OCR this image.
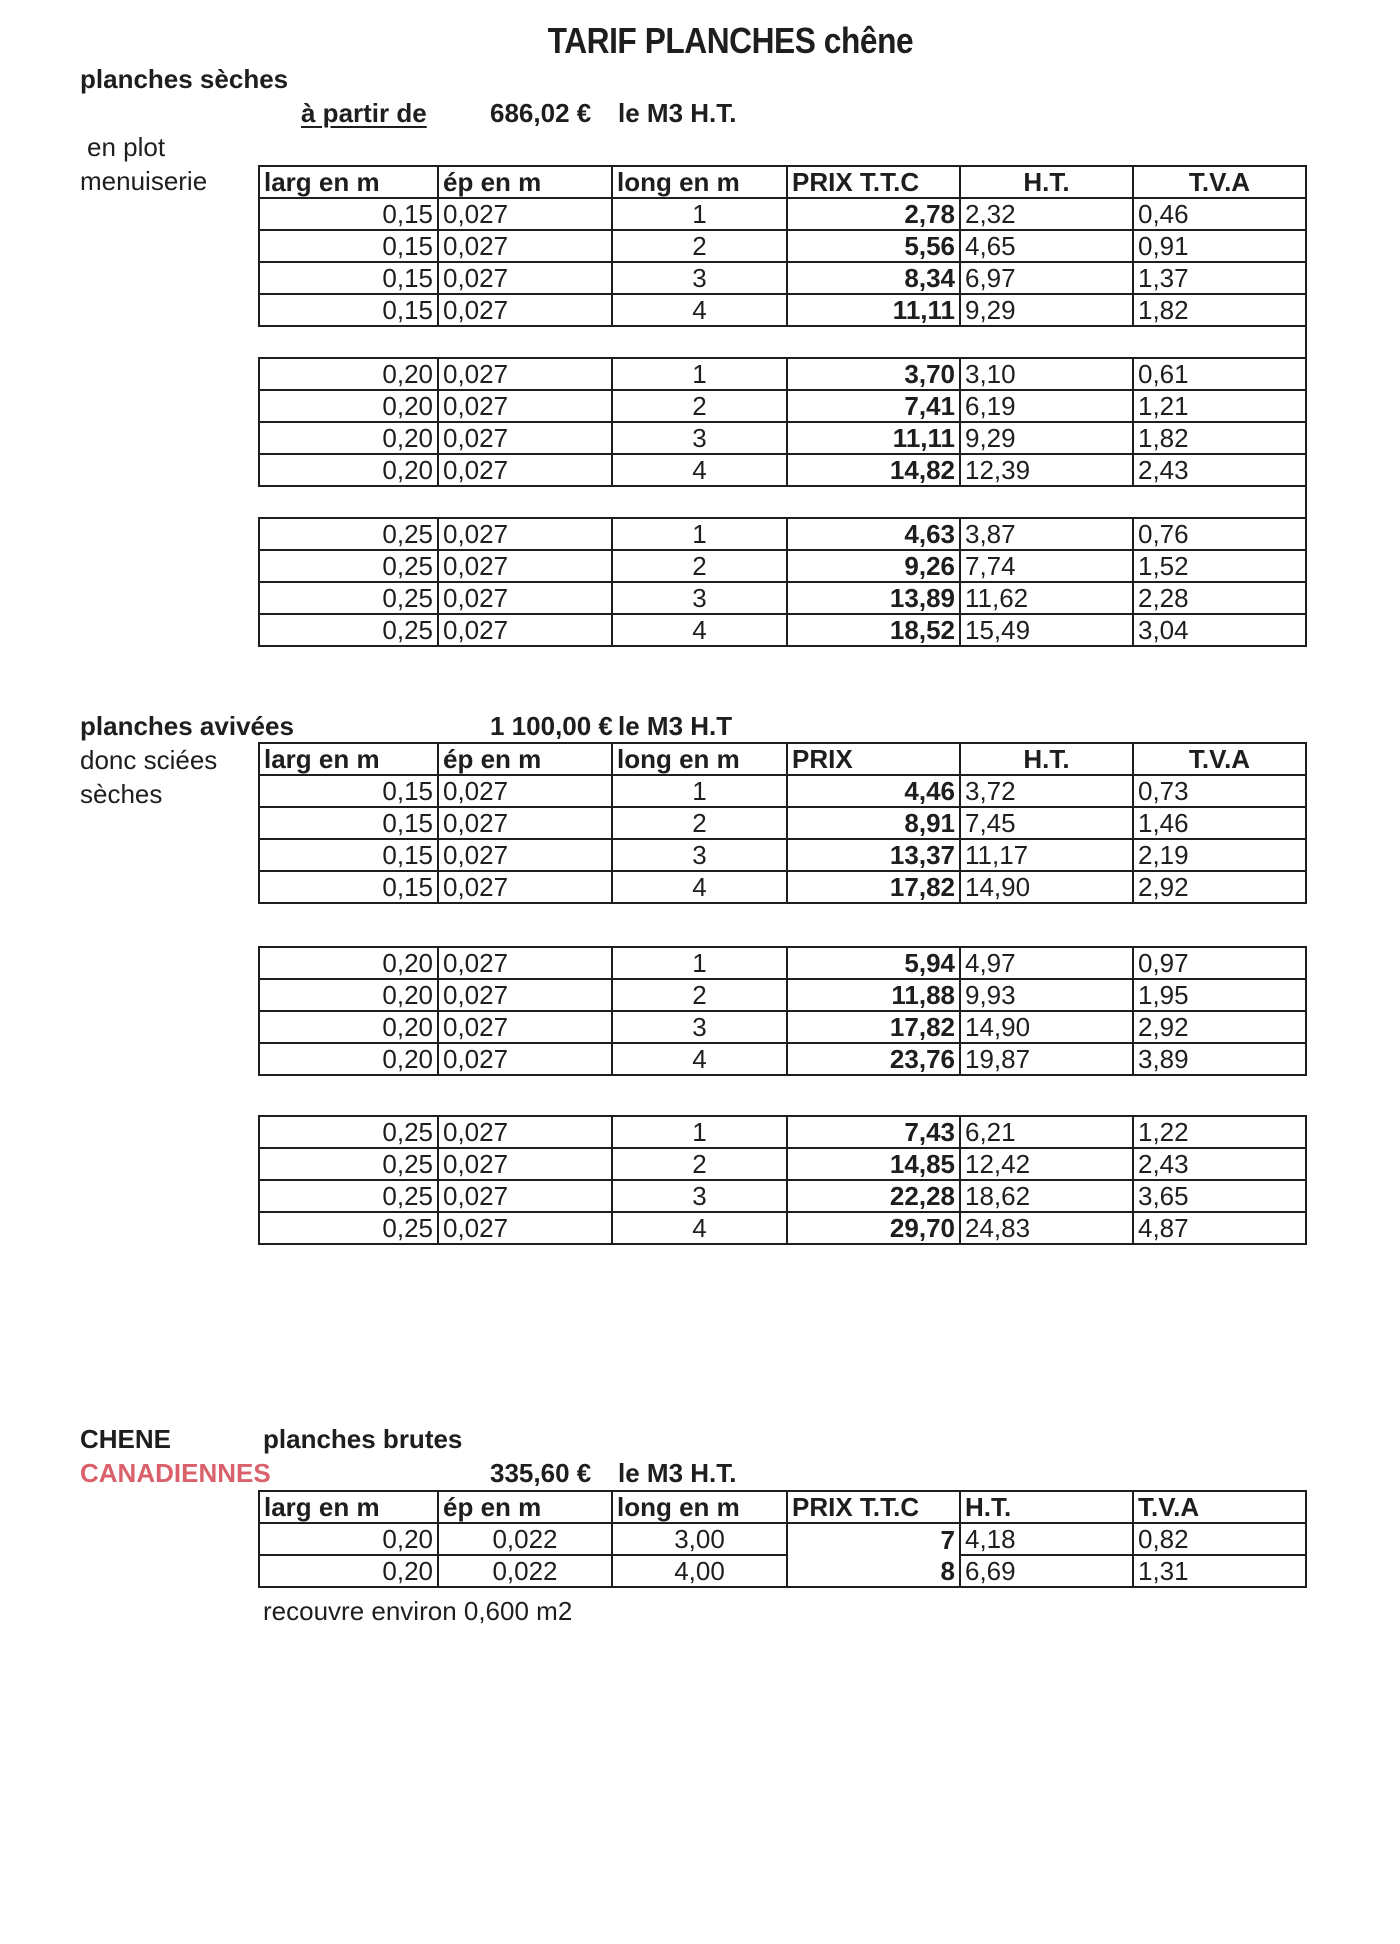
TARIF PLANCHES chêne
planches sèches
à partir de 686,02 € le M3 H.T.
en plot
menuiserie larg en m	ép en m	long en m	PRIX T.T.C	H.T.	T.V.A
0,15	0,027	1	2,78	2,32	0,46
0,15	0,027	2	5,56	4,65	0,91
0,15	0,027	3	8,34	6,97	1,37
0,15	0,027	4	11,11	9,29	1,82

0,20	0,027	1	3,70	3,10	0,61
0,20	0,027	2	7,41	6,19	1,21
0,20	0,027	3	11,11	9,29	1,82
0,20	0,027	4	14,82	12,39	2,43

0,25	0,027	1	4,63	3,87	0,76
0,25	0,027	2	9,26	7,74	1,52
0,25	0,027	3	13,89	11,62	2,28
0,25	0,027	4	18,52	15,49	3,04
planches avivées	1 100,00 € le M3 H.T
donc sciées
sèches
larg en m	ép en m	long en m	PRIX	H.T.	T.V.A
0,15	0,027	1	4,46	3,72	0,73
0,15	0,027	2	8,91	7,45	1,46
0,15	0,027	3	13,37	11,17	2,19
0,15	0,027	4	17,82	14,90	2,92
0,20	0,027	1	5,94	4,97	0,97
0,20	0,027	2	11,88	9,93	1,95
0,20	0,027	3	17,82	14,90	2,92
0,20	0,027	4	23,76	19,87	3,89
0,25	0,027	1	7,43	6,21	1,22
0,25	0,027	2	14,85	12,42	2,43
0,25	0,027	3	22,28	18,62	3,65
0,25	0,027	4	29,70	24,83	4,87
CHENE
CANADIENNES
planches brutes
335,60 € le M3 H.T.
larg en m	ép en m	long en m	PRIX T.T.C	H.T.	T.V.A
0,20	0,022	3,00	7	4,18	0,82
0,20	0,022	4,00	8	6,69	1,31
recouvre environ 0,600 m2
